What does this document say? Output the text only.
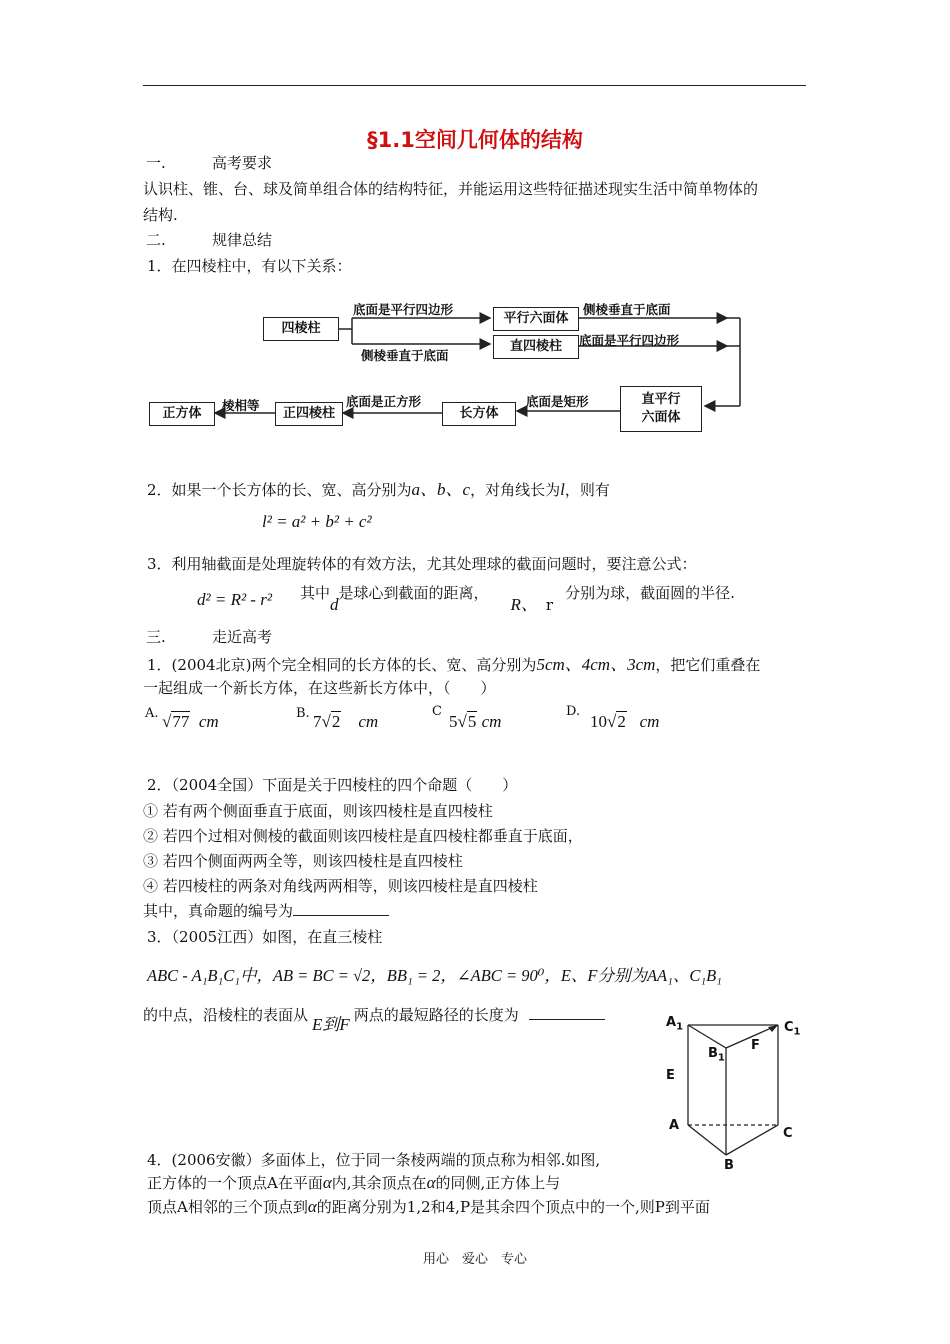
§1.1空间几何体的结构
一.	高考要求
认识柱、锥、台、球及简单组合体的结构特征，并能运用这些特征描述现实生活中简单物体的
结构.
二.	规律总结
1．在四棱柱中，有以下关系：
四棱柱
平行六面体
直四棱柱
直平行
六面体
长方体
正四棱柱
正方体
底面是平行四边形
侧棱垂直于底面
侧棱垂直于底面
底面是平行四边形
底面是矩形
底面是正方形
棱相等
2．如果一个长方体的长、宽、高分别为a、b、c，对角线长为l，则有
l² = a² + b² + c²
3．利用轴截面是处理旋转体的有效方法，尤其处理球的截面问题时，要注意公式：
d² = R² - r² 其中d是球心到截面的距离，R、 r分别为球，截面圆的半径.
三.	走近高考
1．(2004北京)两个完全相同的长方体的长、宽、高分别为5cm、4cm、3cm，把它们重叠在
一起组成一个新长方体，在这些新长方体中，（　　）
A. √77 cm	B. 7√2 cm
C
5√5 cm
D.
10√2 cm
2．（2004全国）下面是关于四棱柱的四个命题（　　）
① 若有两个侧面垂直于底面，则该四棱柱是直四棱柱
② 若四个过相对侧棱的截面则该四棱柱是直四棱柱都垂直于底面，
③ 若四个侧面两两全等，则该四棱柱是直四棱柱
④ 若四棱柱的两条对角线两两相等，则该四棱柱是直四棱柱
其中，真命题的编号为
3．（2005江西）如图，在直三棱柱
ABC - A₁B₁C₁中，AB = BC = √2，BB₁ = 2，∠ABC = 90⁰，E、F分别为AA₁、C₁B₁
的中点，沿棱柱的表面从 E到F 两点的最短路径的长度为	$A_1$	$C_1$
$B_1$
F
E
A
C
B
4．(2006安徽）多面体上，位于同一条棱两端的顶点称为相邻.如图,
正方体的一个顶点A在平面α内,其余顶点在α的同侧,正方体上与
顶点A相邻的三个顶点到α的距离分别为1,2和4,P是其余四个顶点中的一个,则P到平面
用心　爱心　专心
